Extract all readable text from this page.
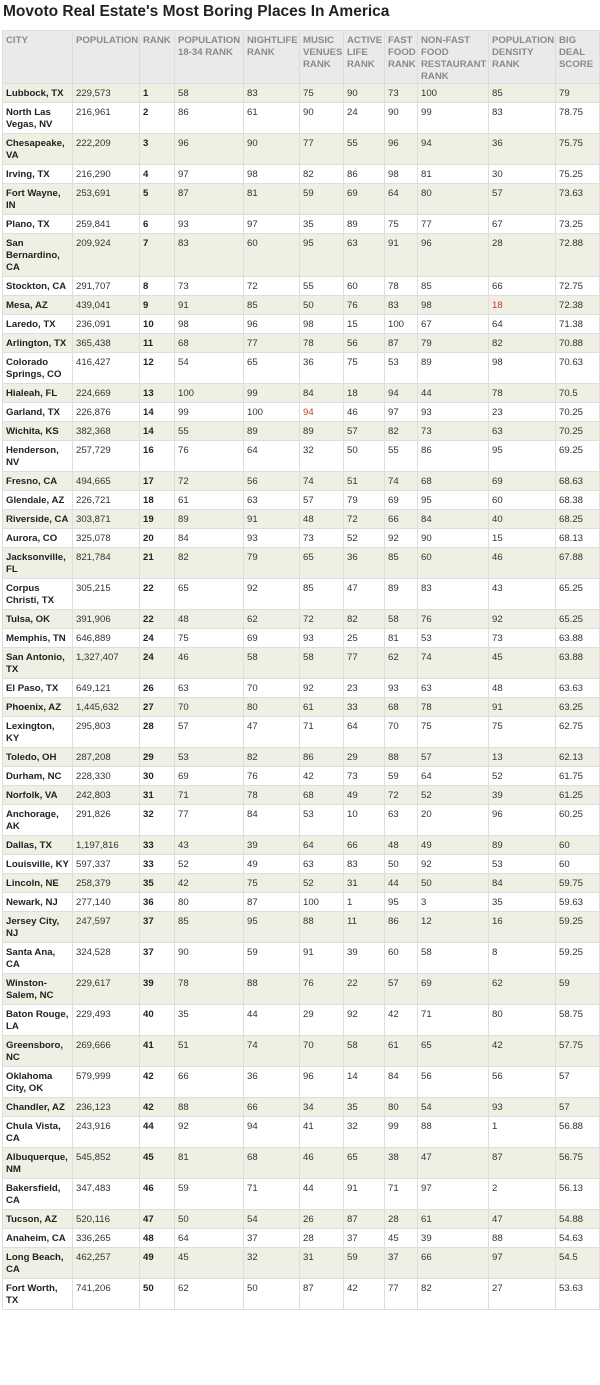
Movoto Real Estate's Most Boring Places In America
CITY	POPULATION	RANK	POPULATION 18-34 RANK	NIGHTLIFE RANK	MUSIC VENUES RANK	ACTIVE LIFE RANK	FAST FOOD RANK	NON-FAST FOOD RESTAURANT RANK	POPULATION DENSITY RANK	BIG DEAL SCORE
Lubbock, TX	229,573	1	58	83	75	90	73	100	85	79
North Las Vegas, NV	216,961	2	86	61	90	24	90	99	83	78.75
Chesapeake, VA	222,209	3	96	90	77	55	96	94	36	75.75
Irving, TX	216,290	4	97	98	82	86	98	81	30	75.25
Fort Wayne, IN	253,691	5	87	81	59	69	64	80	57	73.63
Plano, TX	259,841	6	93	97	35	89	75	77	67	73.25
San Bernardino, CA	209,924	7	83	60	95	63	91	96	28	72.88
Stockton, CA	291,707	8	73	72	55	60	78	85	66	72.75
Mesa, AZ	439,041	9	91	85	50	76	83	98	18	72.38
Laredo, TX	236,091	10	98	96	98	15	100	67	64	71.38
Arlington, TX	365,438	11	68	77	78	56	87	79	82	70.88
Colorado Springs, CO	416,427	12	54	65	36	75	53	89	98	70.63
Hialeah, FL	224,669	13	100	99	84	18	94	44	78	70.5
Garland, TX	226,876	14	99	100	94	46	97	93	23	70.25
Wichita, KS	382,368	14	55	89	89	57	82	73	63	70.25
Henderson, NV	257,729	16	76	64	32	50	55	86	95	69.25
Fresno, CA	494,665	17	72	56	74	51	74	68	69	68.63
Glendale, AZ	226,721	18	61	63	57	79	69	95	60	68.38
Riverside, CA	303,871	19	89	91	48	72	66	84	40	68.25
Aurora, CO	325,078	20	84	93	73	52	92	90	15	68.13
Jacksonville, FL	821,784	21	82	79	65	36	85	60	46	67.88
Corpus Christi, TX	305,215	22	65	92	85	47	89	83	43	65.25
Tulsa, OK	391,906	22	48	62	72	82	58	76	92	65.25
Memphis, TN	646,889	24	75	69	93	25	81	53	73	63.88
San Antonio, TX	1,327,407	24	46	58	58	77	62	74	45	63.88
El Paso, TX	649,121	26	63	70	92	23	93	63	48	63.63
Phoenix, AZ	1,445,632	27	70	80	61	33	68	78	91	63.25
Lexington, KY	295,803	28	57	47	71	64	70	75	75	62.75
Toledo, OH	287,208	29	53	82	86	29	88	57	13	62.13
Durham, NC	228,330	30	69	76	42	73	59	64	52	61.75
Norfolk, VA	242,803	31	71	78	68	49	72	52	39	61.25
Anchorage, AK	291,826	32	77	84	53	10	63	20	96	60.25
Dallas, TX	1,197,816	33	43	39	64	66	48	49	89	60
Louisville, KY	597,337	33	52	49	63	83	50	92	53	60
Lincoln, NE	258,379	35	42	75	52	31	44	50	84	59.75
Newark, NJ	277,140	36	80	87	100	1	95	3	35	59.63
Jersey City, NJ	247,597	37	85	95	88	11	86	12	16	59.25
Santa Ana, CA	324,528	37	90	59	91	39	60	58	8	59.25
Winston-Salem, NC	229,617	39	78	88	76	22	57	69	62	59
Baton Rouge, LA	229,493	40	35	44	29	92	42	71	80	58.75
Greensboro, NC	269,666	41	51	74	70	58	61	65	42	57.75
Oklahoma City, OK	579,999	42	66	36	96	14	84	56	56	57
Chandler, AZ	236,123	42	88	66	34	35	80	54	93	57
Chula Vista, CA	243,916	44	92	94	41	32	99	88	1	56.88
Albuquerque, NM	545,852	45	81	68	46	65	38	47	87	56.75
Bakersfield, CA	347,483	46	59	71	44	91	71	97	2	56.13
Tucson, AZ	520,116	47	50	54	26	87	28	61	47	54.88
Anaheim, CA	336,265	48	64	37	28	37	45	39	88	54.63
Long Beach, CA	462,257	49	45	32	31	59	37	66	97	54.5
Fort Worth, TX	741,206	50	62	50	87	42	77	82	27	53.63
